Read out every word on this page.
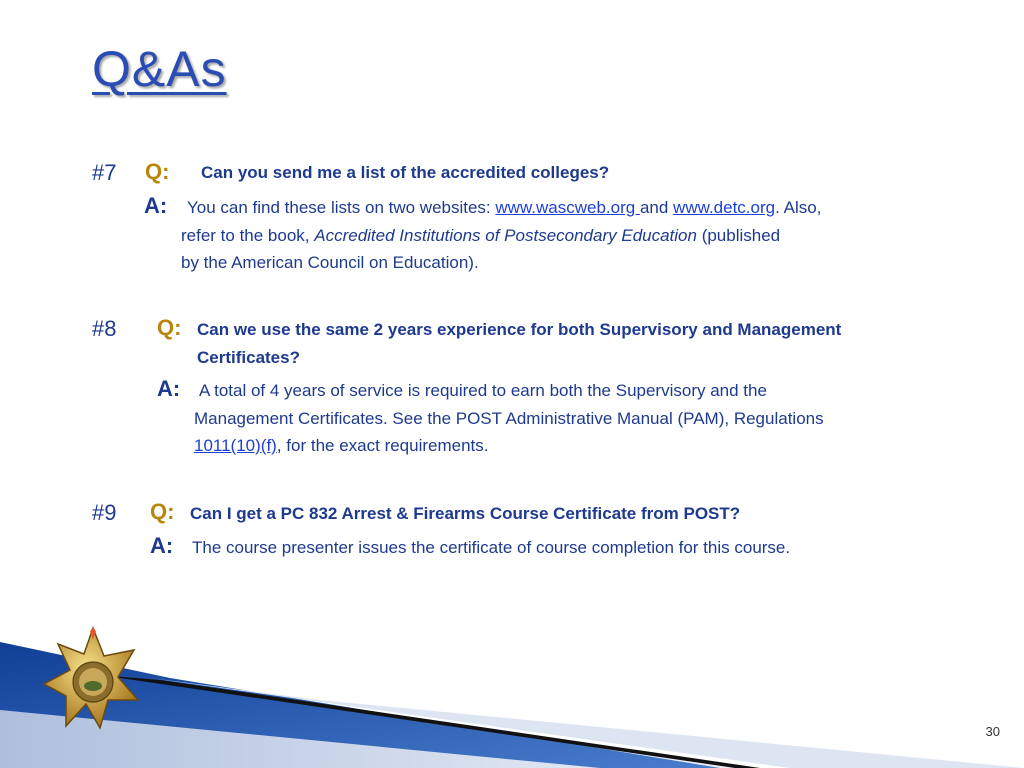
Q&As
#7 Q: Can you send me a list of the accredited colleges?
A: You can find these lists on two websites: www.wascweb.org and www.detc.org. Also,
refer to the book, Accredited Institutions of Postsecondary Education (published
by the American Council on Education).
#8 Q: Can we use the same 2 years experience for both Supervisory and Management
Certificates?
A: A total of 4 years of service is required to earn both the Supervisory and the
Management Certificates. See the POST Administrative Manual (PAM), Regulations
1011(10)(f), for the exact requirements.
#9 Q: Can I get a PC 832 Arrest & Firearms Course Certificate from POST?
A: The course presenter issues the certificate of course completion for this course.
30
